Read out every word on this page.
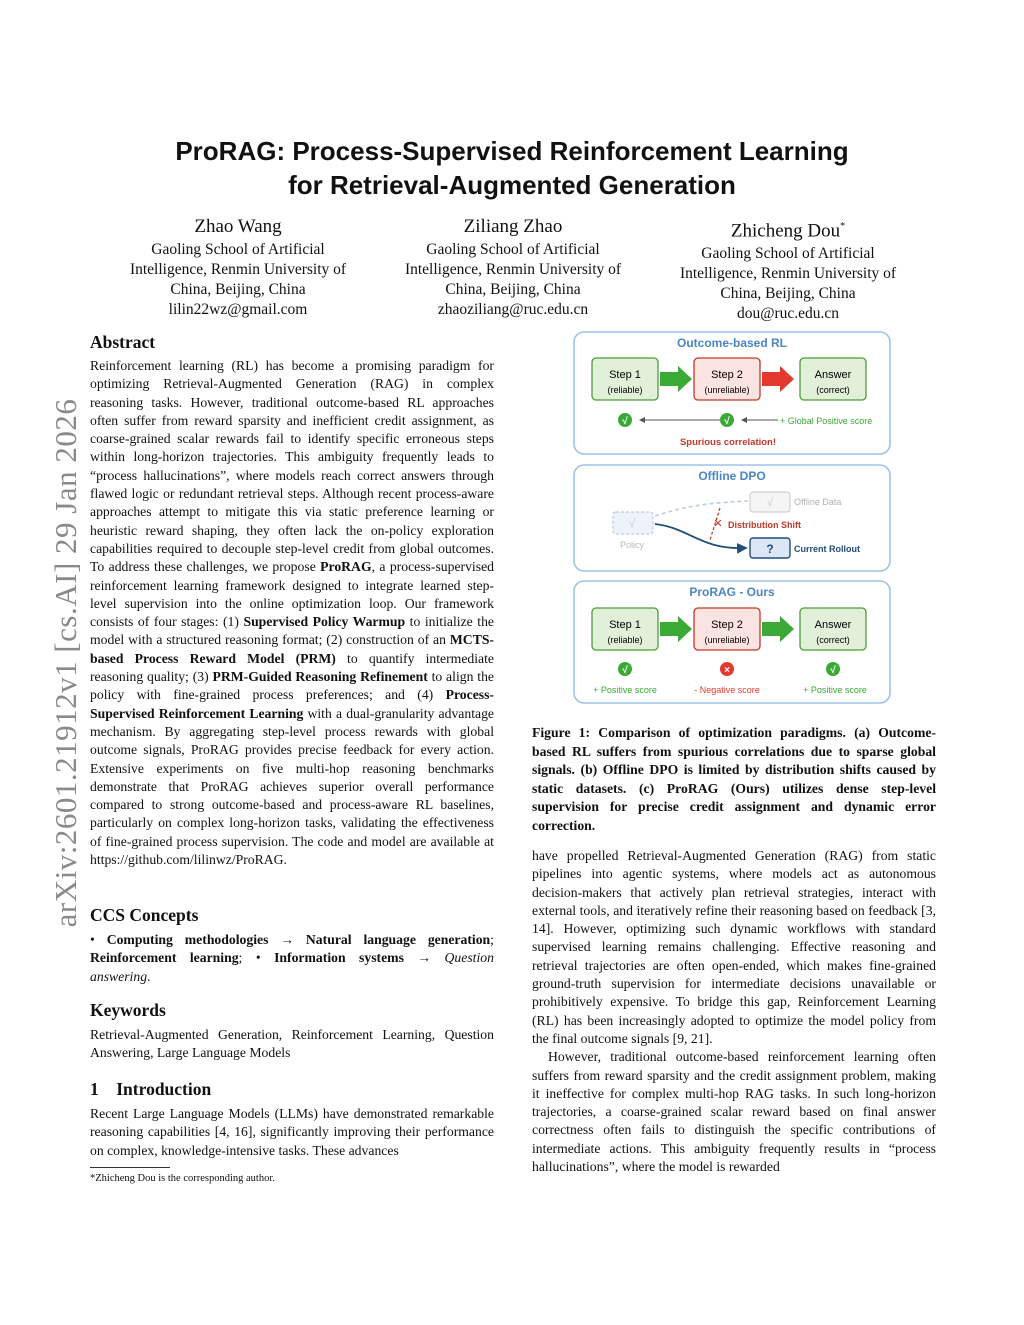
arXiv:2601.21912v1 [cs.AI] 29 Jan 2026
ProRAG: Process-Supervised Reinforcement Learning
for Retrieval-Augmented Generation
Zhao Wang
Gaoling School of Artificial
Intelligence, Renmin University of
China, Beijing, China
lilin22wz@gmail.com
Ziliang Zhao
Gaoling School of Artificial
Intelligence, Renmin University of
China, Beijing, China
zhaoziliang@ruc.edu.cn
Zhicheng Dou*
Gaoling School of Artificial
Intelligence, Renmin University of
China, Beijing, China
dou@ruc.edu.cn
Abstract
Reinforcement learning (RL) has become a promising paradigm for optimizing Retrieval-Augmented Generation (RAG) in complex reasoning tasks. However, traditional outcome-based RL approaches often suffer from reward sparsity and inefficient credit assignment, as coarse-grained scalar rewards fail to identify specific erroneous steps within long-horizon trajectories. This ambiguity frequently leads to “process hallucinations”, where models reach correct answers through flawed logic or redundant retrieval steps. Although recent process-aware approaches attempt to mitigate this via static preference learning or heuristic reward shaping, they often lack the on-policy exploration capabilities required to decouple step-level credit from global outcomes. To address these challenges, we propose ProRAG, a process-supervised reinforcement learning framework designed to integrate learned step-level supervision into the online optimization loop. Our framework consists of four stages: (1) Supervised Policy Warmup to initialize the model with a structured reasoning format; (2) construction of an MCTS-based Process Reward Model (PRM) to quantify intermediate reasoning quality; (3) PRM-Guided Reasoning Refinement to align the policy with fine-grained process preferences; and (4) Process-Supervised Reinforcement Learning with a dual-granularity advantage mechanism. By aggregating step-level process rewards with global outcome signals, ProRAG provides precise feedback for every action. Extensive experiments on five multi-hop reasoning benchmarks demonstrate that ProRAG achieves superior overall performance compared to strong outcome-based and process-aware RL baselines, particularly on complex long-horizon tasks, validating the effectiveness of fine-grained process supervision. The code and model are available at https://github.com/lilinwz/ProRAG.
CCS Concepts
• Computing methodologies → Natural language generation; Reinforcement learning; • Information systems → Question answering.
Keywords
Retrieval-Augmented Generation, Reinforcement Learning, Question Answering, Large Language Models
1    Introduction
Recent Large Language Models (LLMs) have demonstrated remarkable reasoning capabilities [4, 16], significantly improving their performance on complex, knowledge-intensive tasks. These advances
*Zhicheng Dou is the corresponding author.
Outcome-based RL
Step 1
(reliable)
Step 2
(unreliable)
Answer
(correct)
√	√	+ Global Positive score
Spurious correlation!
Offline DPO
√
Policy
√ Offline Data
✕ Distribution Shift
? Current Rollout
ProRAG - Ours
Step 1
(reliable)
Step 2
(unreliable)
Answer
(correct)
√	×	√
+ Positive score	- Negative score	+ Positive score
Figure 1: Comparison of optimization paradigms. (a) Outcome-based RL suffers from spurious correlations due to sparse global signals. (b) Offline DPO is limited by distribution shifts caused by static datasets. (c) ProRAG (Ours) utilizes dense step-level supervision for precise credit assignment and dynamic error correction.
have propelled Retrieval-Augmented Generation (RAG) from static pipelines into agentic systems, where models act as autonomous decision-makers that actively plan retrieval strategies, interact with external tools, and iteratively refine their reasoning based on feedback [3, 14]. However, optimizing such dynamic workflows with standard supervised learning remains challenging. Effective reasoning and retrieval trajectories are often open-ended, which makes fine-grained ground-truth supervision for intermediate decisions unavailable or prohibitively expensive. To bridge this gap, Reinforcement Learning (RL) has been increasingly adopted to optimize the model policy from the final outcome signals [9, 21].
However, traditional outcome-based reinforcement learning often suffers from reward sparsity and the credit assignment problem, making it ineffective for complex multi-hop RAG tasks. In such long-horizon trajectories, a coarse-grained scalar reward based on final answer correctness often fails to distinguish the specific contributions of intermediate actions. This ambiguity frequently results in “process hallucinations”, where the model is rewarded
